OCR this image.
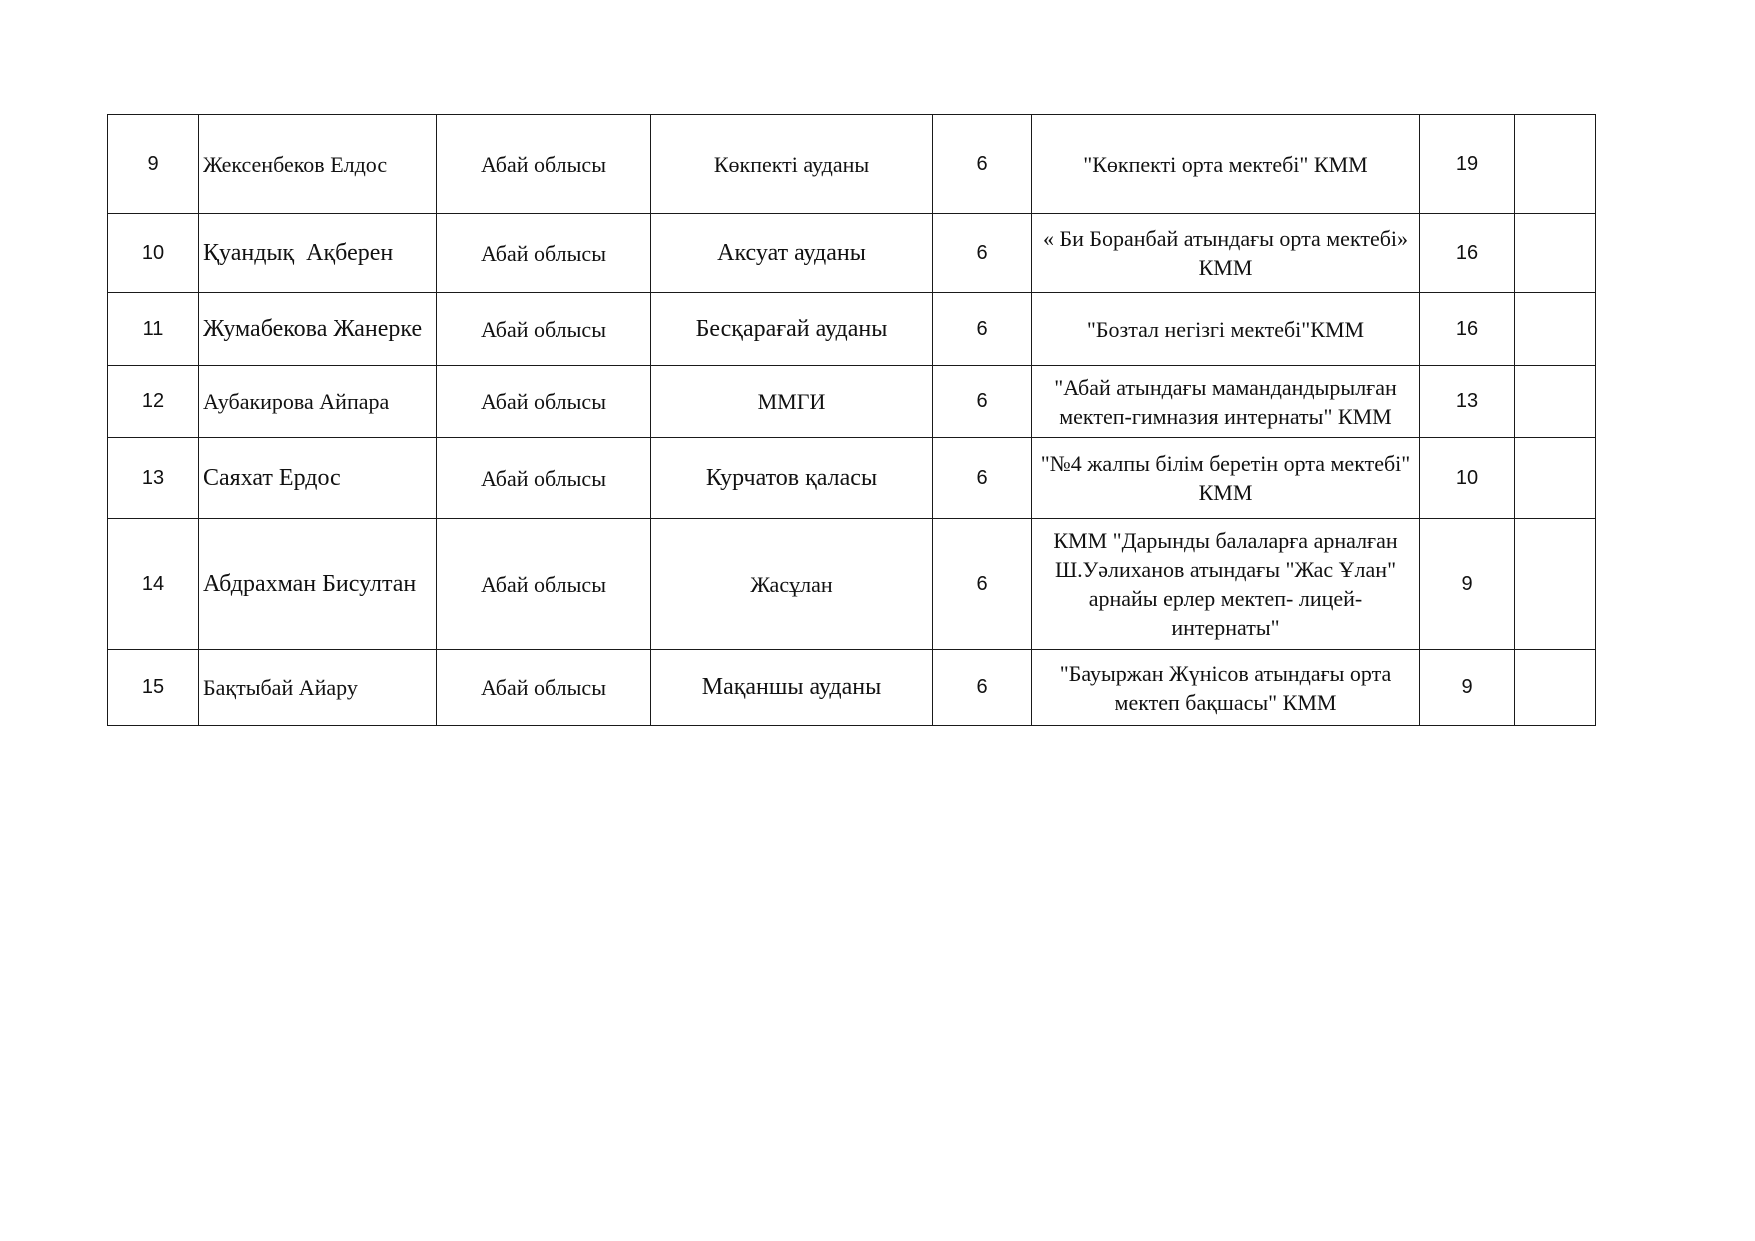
9	Жексенбеков Елдос	Абай облысы	Көкпекті ауданы	6	"Көкпекті орта мектебі" КММ	19	
10	Қуандық  Ақберен	Абай облысы	Аксуат ауданы	6	« Би Боранбай атындағы орта мектебі» КММ	16	
11	Жумабекова Жанерке	Абай облысы	Бесқарағай ауданы	6	"Бозтал негізгі мектебі"КММ	16	
12	Аубакирова Айпара	Абай облысы	ММГИ	6	"Абай атындағы мамандандырылған мектеп-гимназия интернаты" КММ	13	
13	Саяхат Ердос	Абай облысы	Курчатов қаласы	6	"№4 жалпы білім беретін орта мектебі" КММ	10	
14	Абдрахман Бисултан	Абай облысы	Жасұлан	6	КММ "Дарынды балаларға арналған Ш.Уәлиханов атындағы "Жас Ұлан" арнайы ерлер мектеп- лицей-интернаты"	9	
15	Бақтыбай Айару	Абай облысы	Мақаншы ауданы	6	"Бауыржан Жүнісов атындағы орта мектеп бақшасы" КММ	9	
